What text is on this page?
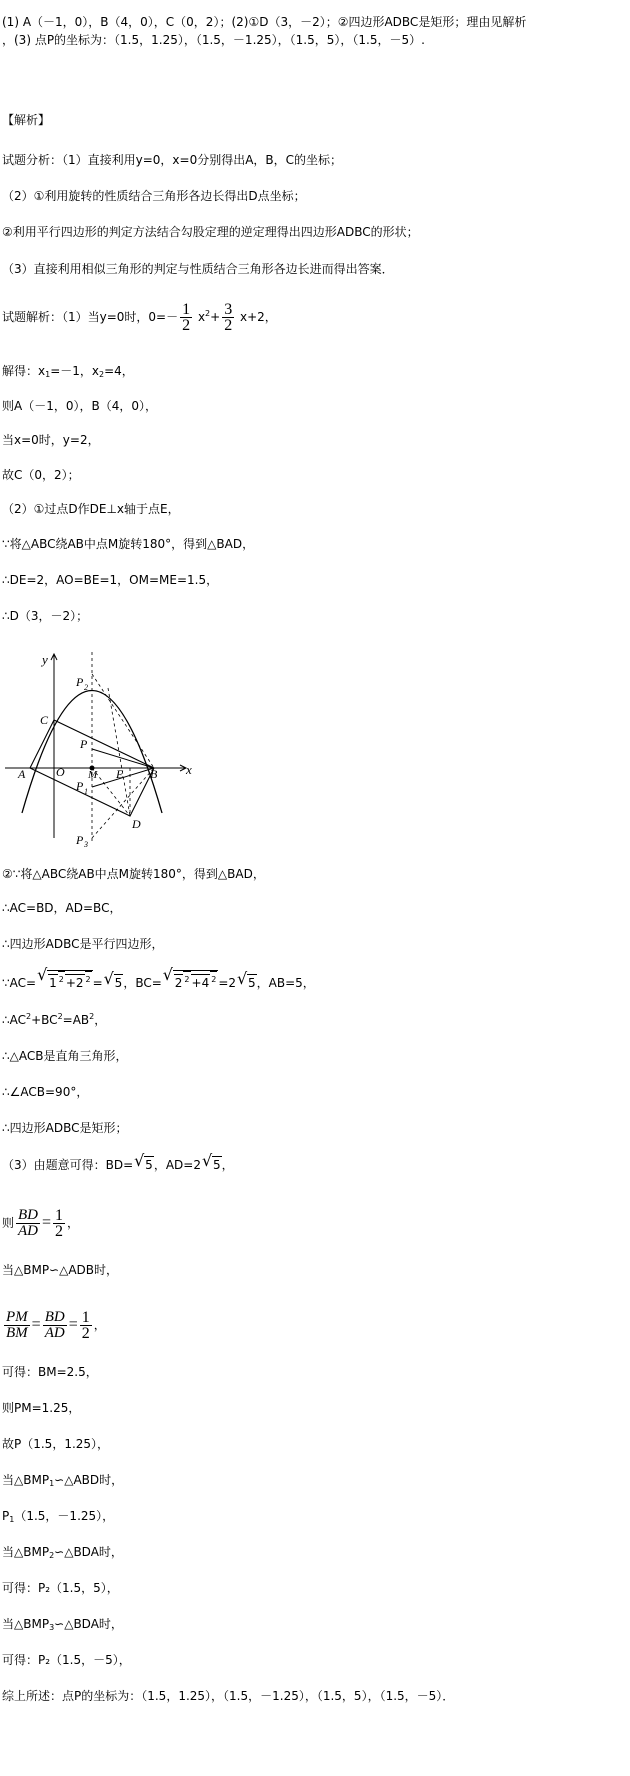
(1) A（－1，0），B（4，0），C（0，2）；(2)①D（3，－2）；②四边形ADBC是矩形；理由见解析
，(3) 点P的坐标为：（1.5，1.25），（1.5，－1.25），（1.5，5），（1.5，－5）.
【解析】
试题分析：（1）直接利用y=0，x=0分别得出A，B，C的坐标；
（2）①利用旋转的性质结合三角形各边长得出D点坐标；
②利用平行四边形的判定方法结合勾股定理的逆定理得出四边形ADBC的形状；
（3）直接利用相似三角形的判定与性质结合三角形各边长进而得出答案．
试题解析：（1）当y=0时，$0=- \frac{1}{2} x^2+ \frac{3}{2} x+2$，
解得：$x_1=-1$，$x_2=4$，
则A（－1，0），B（4，0），
当x=0时，y=2，
故C（0，2）；
（2）①过点D作DE⊥x轴于点E，
∵将△ABC绕AB中点M旋转180°，得到△BAD，
∴DE=2，AO=BE=1，OM=ME=1.5，
∴D（3，－2）；
y
x
C
O
A	M E B
D
P
P 1
P 2
P 3
②∵将△ABC绕AB中点M旋转180°，得到△BAD，
∴AC=BD，AD=BC，
∴四边形ADBC是平行四边形，
∵AC= √ 1 2 +2 2 = √ 5，BC= √ 2 2 +4 2 =2 √ 5，AB=5，
$\therefore AC^2+BC^2=AB^2$，
∴△ACB是直角三角形，
∴∠ACB=90°，
∴四边形ADBC是矩形；
（3）由题意可得：BD= √ 5，AD=2 √ 5，
则 $\frac{BD}{AD} = \frac{1}{2}$ ，
当△BMP∽△ADB时，
$\frac{PM}{BM} = \frac{BD}{AD} = \frac{1}{2}$ ，
可得：BM=2.5，
则PM=1.25，
故P（1.5，1.25），
当$\triangle BMP_1∽\triangle ABD$时，
$P_1(1.5$，－1.25），
当$\triangle BMP_2∽\triangle BDA$时，
可得：P₂（1.5，5），
当$\triangle BMP_3∽\triangle BDA$时，
可得：P₂（1.5，－5），
综上所述：点P的坐标为：（1.5，1.25），（1.5，－1.25），（1.5，5），（1.5，－5）．
